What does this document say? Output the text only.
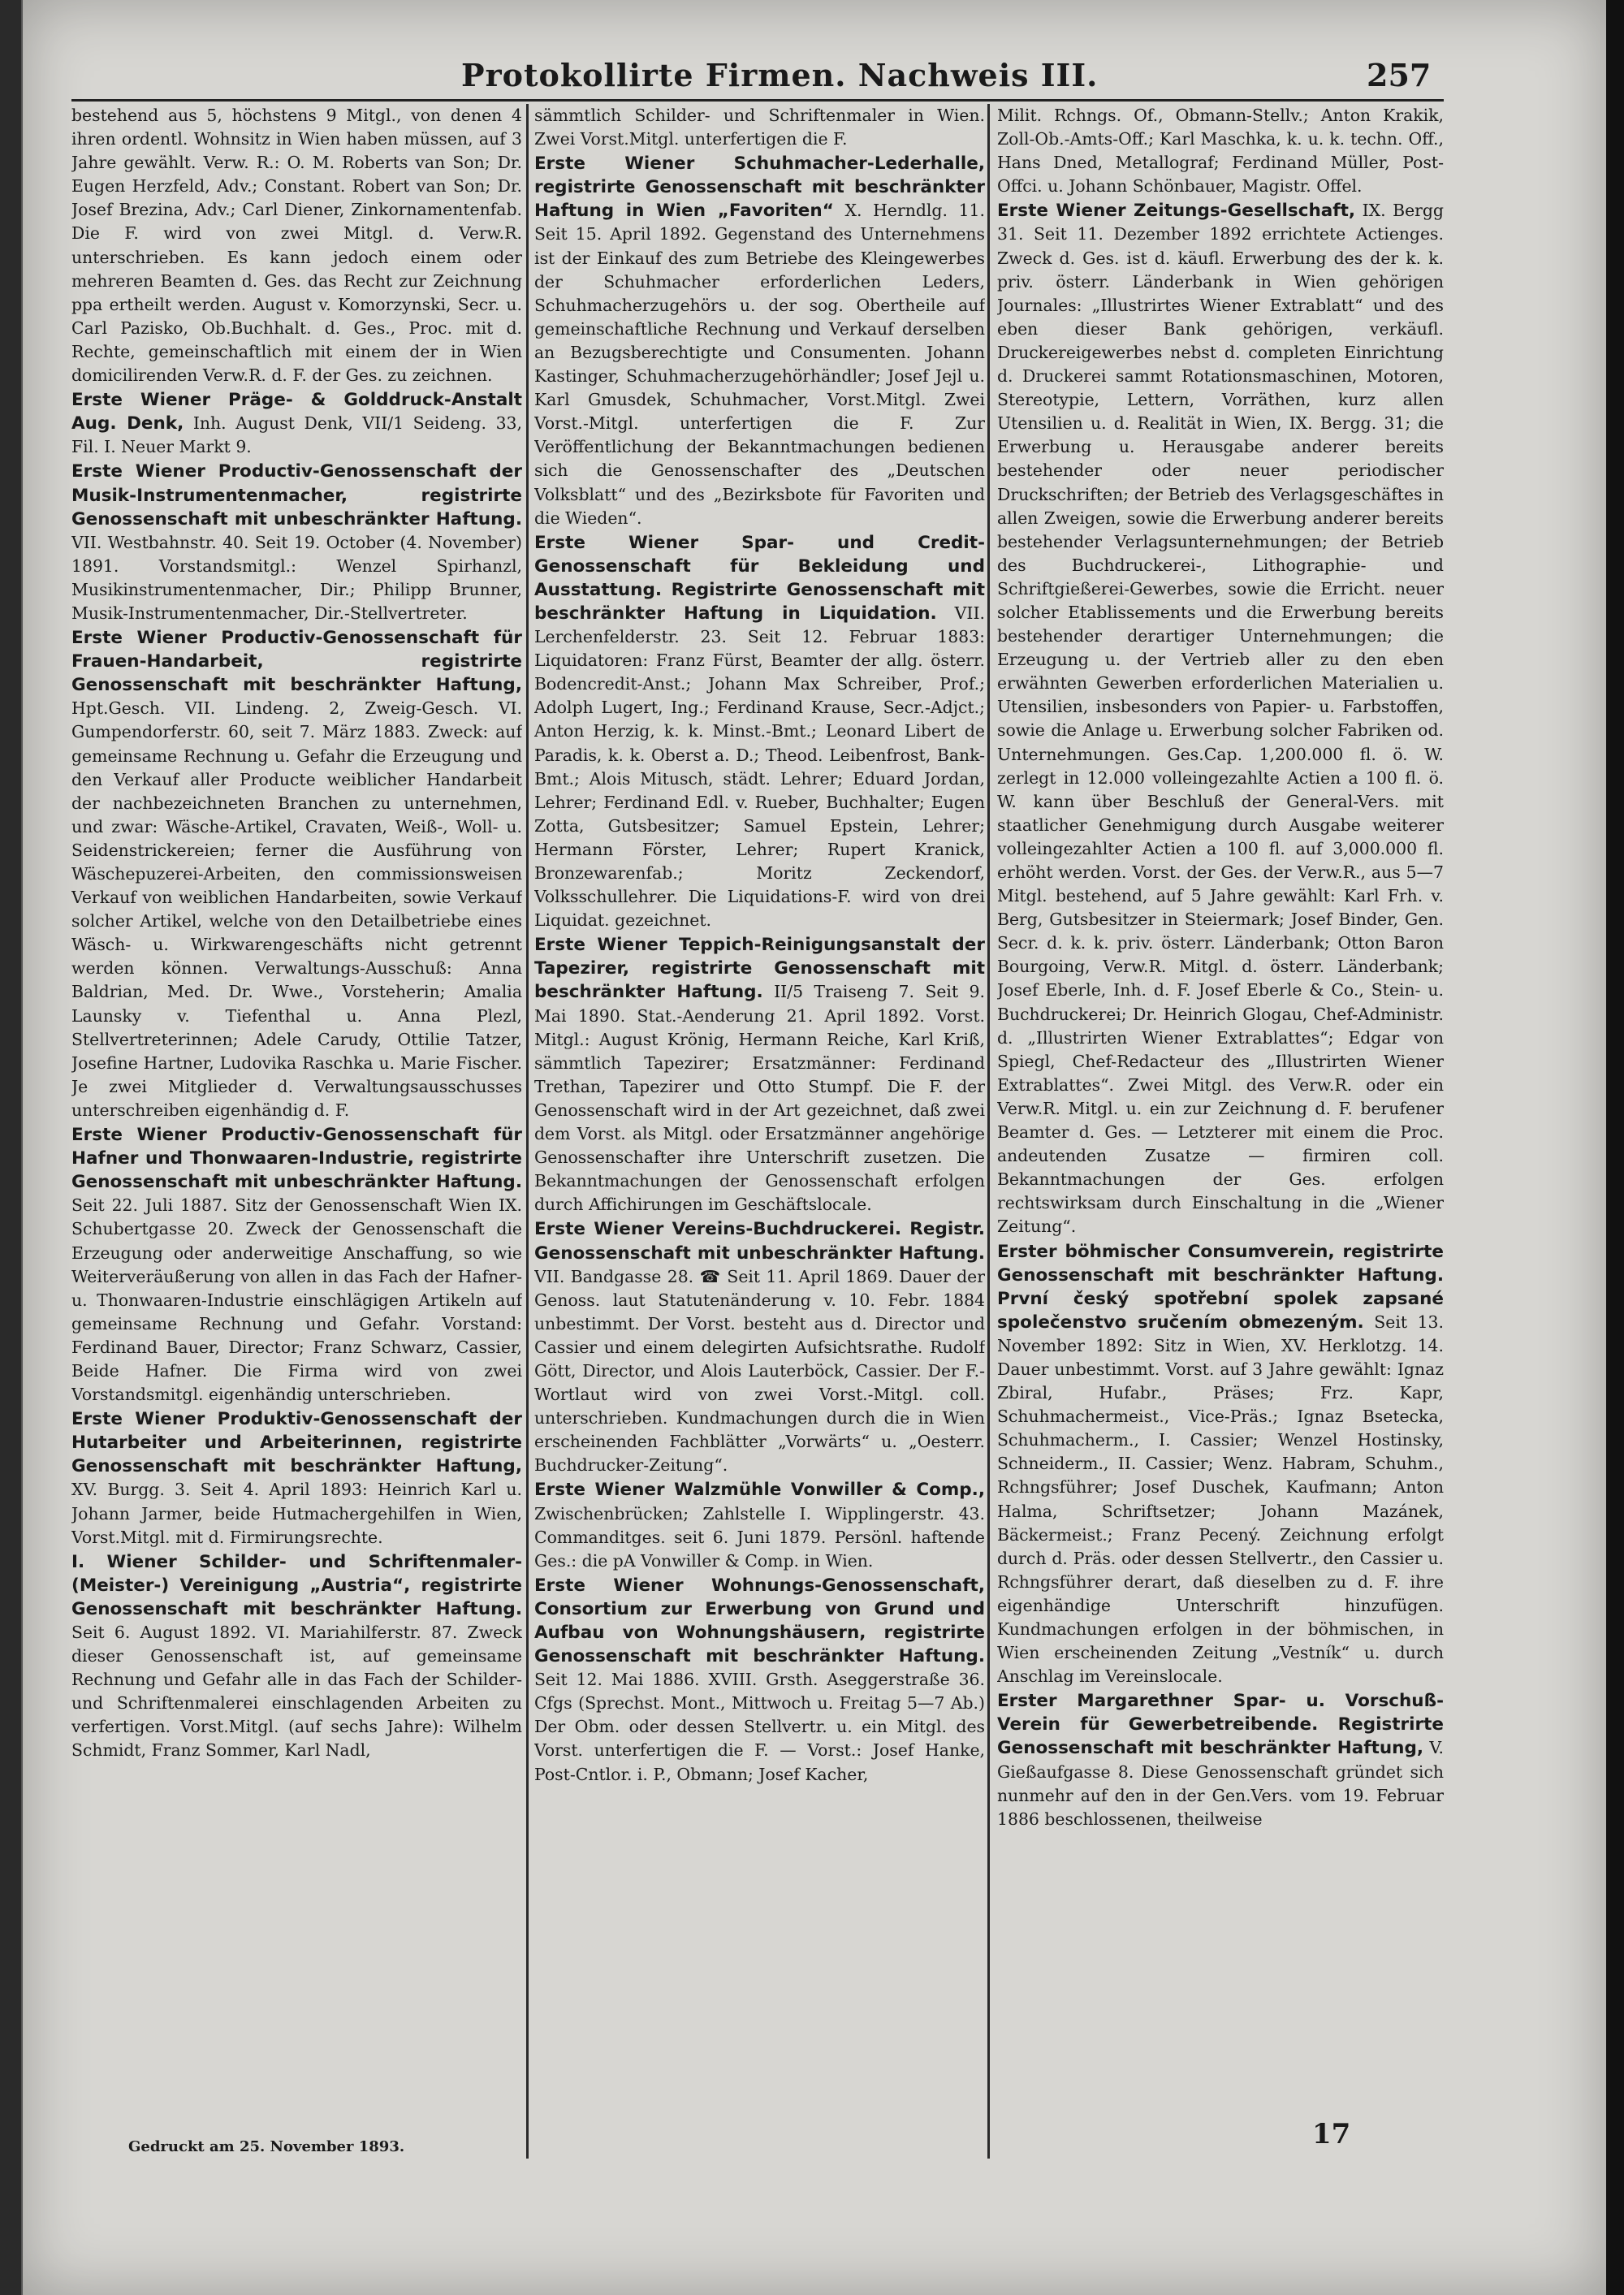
Protokollirte Firmen. Nachweis III.	257
bestehend aus 5, höchstens 9 Mitgl., von denen 4 ihren ordentl. Wohnsitz in Wien haben müssen, auf 3 Jahre gewählt. Verw. R.: O. M. Roberts van Son; Dr. Eugen Herzfeld, Adv.; Constant. Robert van Son; Dr. Josef Brezina, Adv.; Carl Diener, Zinkornamentenfab. Die F. wird von zwei Mitgl. d. Verw.R. unterschrieben. Es kann jedoch einem oder mehreren Beamten d. Ges. das Recht zur Zeichnung ppa ertheilt werden. August v. Komorzynski, Secr. u. Carl Pazisko, Ob.Buchhalt. d. Ges., Proc. mit d. Rechte, gemeinschaftlich mit einem der in Wien domicilirenden Verw.R. d. F. der Ges. zu zeichnen.
Erste Wiener Präge- & Golddruck-Anstalt Aug. Denk, Inh. August Denk, VII/1 Seideng. 33, Fil. I. Neuer Markt 9.
Erste Wiener Productiv-Genossenschaft der Musik-Instrumentenmacher, registrirte Genossenschaft mit unbeschränkter Haftung. VII. Westbahnstr. 40. Seit 19. October (4. November) 1891. Vorstandsmitgl.: Wenzel Spirhanzl, Musikinstrumentenmacher, Dir.; Philipp Brunner, Musik-Instrumentenmacher, Dir.-Stellvertreter.
Erste Wiener Productiv-Genossenschaft für Frauen-Handarbeit, registrirte Genossenschaft mit beschränkter Haftung, Hpt.Gesch. VII. Lindeng. 2, Zweig-Gesch. VI. Gumpendorferstr. 60, seit 7. März 1883. Zweck: auf gemeinsame Rechnung u. Gefahr die Erzeugung und den Verkauf aller Producte weiblicher Handarbeit der nachbezeichneten Branchen zu unternehmen, und zwar: Wäsche-Artikel, Cravaten, Weiß-, Woll- u. Seidenstrickereien; ferner die Ausführung von Wäschepuzerei-Arbeiten, den commissionsweisen Verkauf von weiblichen Handarbeiten, sowie Verkauf solcher Artikel, welche von den Detailbetriebe eines Wäsch- u. Wirkwarengeschäfts nicht getrennt werden können. Verwaltungs-Ausschuß: Anna Baldrian, Med. Dr. Wwe., Vorsteherin; Amalia Launsky v. Tiefenthal u. Anna Plezl, Stellvertreterinnen; Adele Carudy, Ottilie Tatzer, Josefine Hartner, Ludovika Raschka u. Marie Fischer. Je zwei Mitglieder d. Verwaltungsausschusses unterschreiben eigenhändig d. F.
Erste Wiener Productiv-Genossenschaft für Hafner und Thonwaaren-Industrie, registrirte Genossenschaft mit unbeschränkter Haftung. Seit 22. Juli 1887. Sitz der Genossenschaft Wien IX. Schubertgasse 20. Zweck der Genossenschaft die Erzeugung oder anderweitige Anschaffung, so wie Weiterveräußerung von allen in das Fach der Hafner- u. Thonwaaren-Industrie einschlägigen Artikeln auf gemeinsame Rechnung und Gefahr. Vorstand: Ferdinand Bauer, Director; Franz Schwarz, Cassier, Beide Hafner. Die Firma wird von zwei Vorstandsmitgl. eigenhändig unterschrieben.
Erste Wiener Produktiv-Genossenschaft der Hutarbeiter und Arbeiterinnen, registrirte Genossenschaft mit beschränkter Haftung, XV. Burgg. 3. Seit 4. April 1893: Heinrich Karl u. Johann Jarmer, beide Hutmachergehilfen in Wien, Vorst.Mitgl. mit d. Firmirungsrechte.
I. Wiener Schilder- und Schriftenmaler-(Meister-) Vereinigung „Austria“, registrirte Genossenschaft mit beschränkter Haftung. Seit 6. August 1892. VI. Mariahilferstr. 87. Zweck dieser Genossenschaft ist, auf gemeinsame Rechnung und Gefahr alle in das Fach der Schilder- und Schriftenmalerei einschlagenden Arbeiten zu verfertigen. Vorst.Mitgl. (auf sechs Jahre): Wilhelm Schmidt, Franz Sommer, Karl Nadl,
sämmtlich Schilder- und Schriftenmaler in Wien. Zwei Vorst.Mitgl. unterfertigen die F.
Erste Wiener Schuhmacher-Lederhalle, registrirte Genossenschaft mit beschränkter Haftung in Wien „Favoriten“ X. Herndlg. 11. Seit 15. April 1892. Gegenstand des Unternehmens ist der Einkauf des zum Betriebe des Kleingewerbes der Schuhmacher erforderlichen Leders, Schuhmacherzugehörs u. der sog. Obertheile auf gemeinschaftliche Rechnung und Verkauf derselben an Bezugsberechtigte und Consumenten. Johann Kastinger, Schuhmacherzugehörhändler; Josef Jejl u. Karl Gmusdek, Schuhmacher, Vorst.Mitgl. Zwei Vorst.-Mitgl. unterfertigen die F. Zur Veröffentlichung der Bekanntmachungen bedienen sich die Genossenschafter des „Deutschen Volksblatt“ und des „Bezirksbote für Favoriten und die Wieden“.
Erste Wiener Spar- und Credit-Genossenschaft für Bekleidung und Ausstattung. Registrirte Genossenschaft mit beschränkter Haftung in Liquidation. VII. Lerchenfelderstr. 23. Seit 12. Februar 1883: Liquidatoren: Franz Fürst, Beamter der allg. österr. Bodencredit-Anst.; Johann Max Schreiber, Prof.; Adolph Lugert, Ing.; Ferdinand Krause, Secr.-Adjct.; Anton Herzig, k. k. Minst.-Bmt.; Leonard Libert de Paradis, k. k. Oberst a. D.; Theod. Leibenfrost, Bank-Bmt.; Alois Mitusch, städt. Lehrer; Eduard Jordan, Lehrer; Ferdinand Edl. v. Rueber, Buchhalter; Eugen Zotta, Gutsbesitzer; Samuel Epstein, Lehrer; Hermann Förster, Lehrer; Rupert Kranick, Bronzewarenfab.; Moritz Zeckendorf, Volksschullehrer. Die Liquidations-F. wird von drei Liquidat. gezeichnet.
Erste Wiener Teppich-Reinigungsanstalt der Tapezirer, registrirte Genossenschaft mit beschränkter Haftung. II/5 Traiseng 7. Seit 9. Mai 1890. Stat.-Aenderung 21. April 1892. Vorst. Mitgl.: August Krönig, Hermann Reiche, Karl Kriß, sämmtlich Tapezirer; Ersatzmänner: Ferdinand Trethan, Tapezirer und Otto Stumpf. Die F. der Genossenschaft wird in der Art gezeichnet, daß zwei dem Vorst. als Mitgl. oder Ersatzmänner angehörige Genossenschafter ihre Unterschrift zusetzen. Die Bekanntmachungen der Genossenschaft erfolgen durch Affichirungen im Geschäftslocale.
Erste Wiener Vereins-Buchdruckerei. Registr. Genossenschaft mit unbeschränkter Haftung. VII. Bandgasse 28. ☎ Seit 11. April 1869. Dauer der Genoss. laut Statutenänderung v. 10. Febr. 1884 unbestimmt. Der Vorst. besteht aus d. Director und Cassier und einem delegirten Aufsichtsrathe. Rudolf Gött, Director, und Alois Lauterböck, Cassier. Der F.-Wortlaut wird von zwei Vorst.-Mitgl. coll. unterschrieben. Kundmachungen durch die in Wien erscheinenden Fachblätter „Vorwärts“ u. „Oesterr. Buchdrucker-Zeitung“.
Erste Wiener Walzmühle Vonwiller & Comp., Zwischenbrücken; Zahlstelle I. Wipplingerstr. 43. Commanditges. seit 6. Juni 1879. Persönl. haftende Ges.: die pA Vonwiller & Comp. in Wien.
Erste Wiener Wohnungs-Genossenschaft, Consortium zur Erwerbung von Grund und Aufbau von Wohnungshäusern, registrirte Genossenschaft mit beschränkter Haftung. Seit 12. Mai 1886. XVIII. Grsth. Aseggerstraße 36. Cfgs (Sprechst. Mont., Mittwoch u. Freitag 5—7 Ab.) Der Obm. oder dessen Stellvertr. u. ein Mitgl. des Vorst. unterfertigen die F. — Vorst.: Josef Hanke, Post-Cntlor. i. P., Obmann; Josef Kacher,
Milit. Rchngs. Of., Obmann-Stellv.; Anton Krakik, Zoll-Ob.-Amts-Off.; Karl Maschka, k. u. k. techn. Off., Hans Dned, Metallograf; Ferdinand Müller, Post-Offci. u. Johann Schönbauer, Magistr. Offel.
Erste Wiener Zeitungs-Gesellschaft, IX. Bergg 31. Seit 11. Dezember 1892 errichtete Actienges. Zweck d. Ges. ist d. käufl. Erwerbung des der k. k. priv. österr. Länderbank in Wien gehörigen Journales: „Illustrirtes Wiener Extrablatt“ und des eben dieser Bank gehörigen, verkäufl. Druckereigewerbes nebst d. completen Einrichtung d. Druckerei sammt Rotationsmaschinen, Motoren, Stereotypie, Lettern, Vorräthen, kurz allen Utensilien u. d. Realität in Wien, IX. Bergg. 31; die Erwerbung u. Herausgabe anderer bereits bestehender oder neuer periodischer Druckschriften; der Betrieb des Verlagsgeschäftes in allen Zweigen, sowie die Erwerbung anderer bereits bestehender Verlagsunternehmungen; der Betrieb des Buchdruckerei-, Lithographie- und Schriftgießerei-Gewerbes, sowie die Erricht. neuer solcher Etablissements und die Erwerbung bereits bestehender derartiger Unternehmungen; die Erzeugung u. der Vertrieb aller zu den eben erwähnten Gewerben erforderlichen Materialien u. Utensilien, insbesonders von Papier- u. Farbstoffen, sowie die Anlage u. Erwerbung solcher Fabriken od. Unternehmungen. Ges.Cap. 1,200.000 fl. ö. W. zerlegt in 12.000 volleingezahlte Actien a 100 fl. ö. W. kann über Beschluß der General-Vers. mit staatlicher Genehmigung durch Ausgabe weiterer volleingezahlter Actien a 100 fl. auf 3,000.000 fl. erhöht werden. Vorst. der Ges. der Verw.R., aus 5—7 Mitgl. bestehend, auf 5 Jahre gewählt: Karl Frh. v. Berg, Gutsbesitzer in Steiermark; Josef Binder, Gen. Secr. d. k. k. priv. österr. Länderbank; Otton Baron Bourgoing, Verw.R. Mitgl. d. österr. Länderbank; Josef Eberle, Inh. d. F. Josef Eberle & Co., Stein- u. Buchdruckerei; Dr. Heinrich Glogau, Chef-Administr. d. „Illustrirten Wiener Extrablattes“; Edgar von Spiegl, Chef-Redacteur des „Illustrirten Wiener Extrablattes“. Zwei Mitgl. des Verw.R. oder ein Verw.R. Mitgl. u. ein zur Zeichnung d. F. berufener Beamter d. Ges. — Letzterer mit einem die Proc. andeutenden Zusatze — firmiren coll. Bekanntmachungen der Ges. erfolgen rechtswirksam durch Einschaltung in die „Wiener Zeitung“.
Erster böhmischer Consumverein, registrirte Genossenschaft mit beschränkter Haftung. První český spotřební spolek zapsané společenstvo sručením obmezeným. Seit 13. November 1892: Sitz in Wien, XV. Herklotzg. 14. Dauer unbestimmt. Vorst. auf 3 Jahre gewählt: Ignaz Zbiral, Hufabr., Präses; Frz. Kapr, Schuhmachermeist., Vice-Präs.; Ignaz Bsetecka, Schuhmacherm., I. Cassier; Wenzel Hostinsky, Schneiderm., II. Cassier; Wenz. Habram, Schuhm., Rchngsführer; Josef Duschek, Kaufmann; Anton Halma, Schriftsetzer; Johann Mazánek, Bäckermeist.; Franz Pecený. Zeichnung erfolgt durch d. Präs. oder dessen Stellvertr., den Cassier u. Rchngsführer derart, daß dieselben zu d. F. ihre eigenhändige Unterschrift hinzufügen. Kundmachungen erfolgen in der böhmischen, in Wien erscheinenden Zeitung „Vestník“ u. durch Anschlag im Vereinslocale.
Erster Margarethner Spar- u. Vorschuß-Verein für Gewerbetreibende. Registrirte Genossenschaft mit beschränkter Haftung, V. Gießaufgasse 8. Diese Genossenschaft gründet sich nunmehr auf den in der Gen.Vers. vom 19. Februar 1886 beschlossenen, theilweise
Gedruckt am 25. November 1893.	17
